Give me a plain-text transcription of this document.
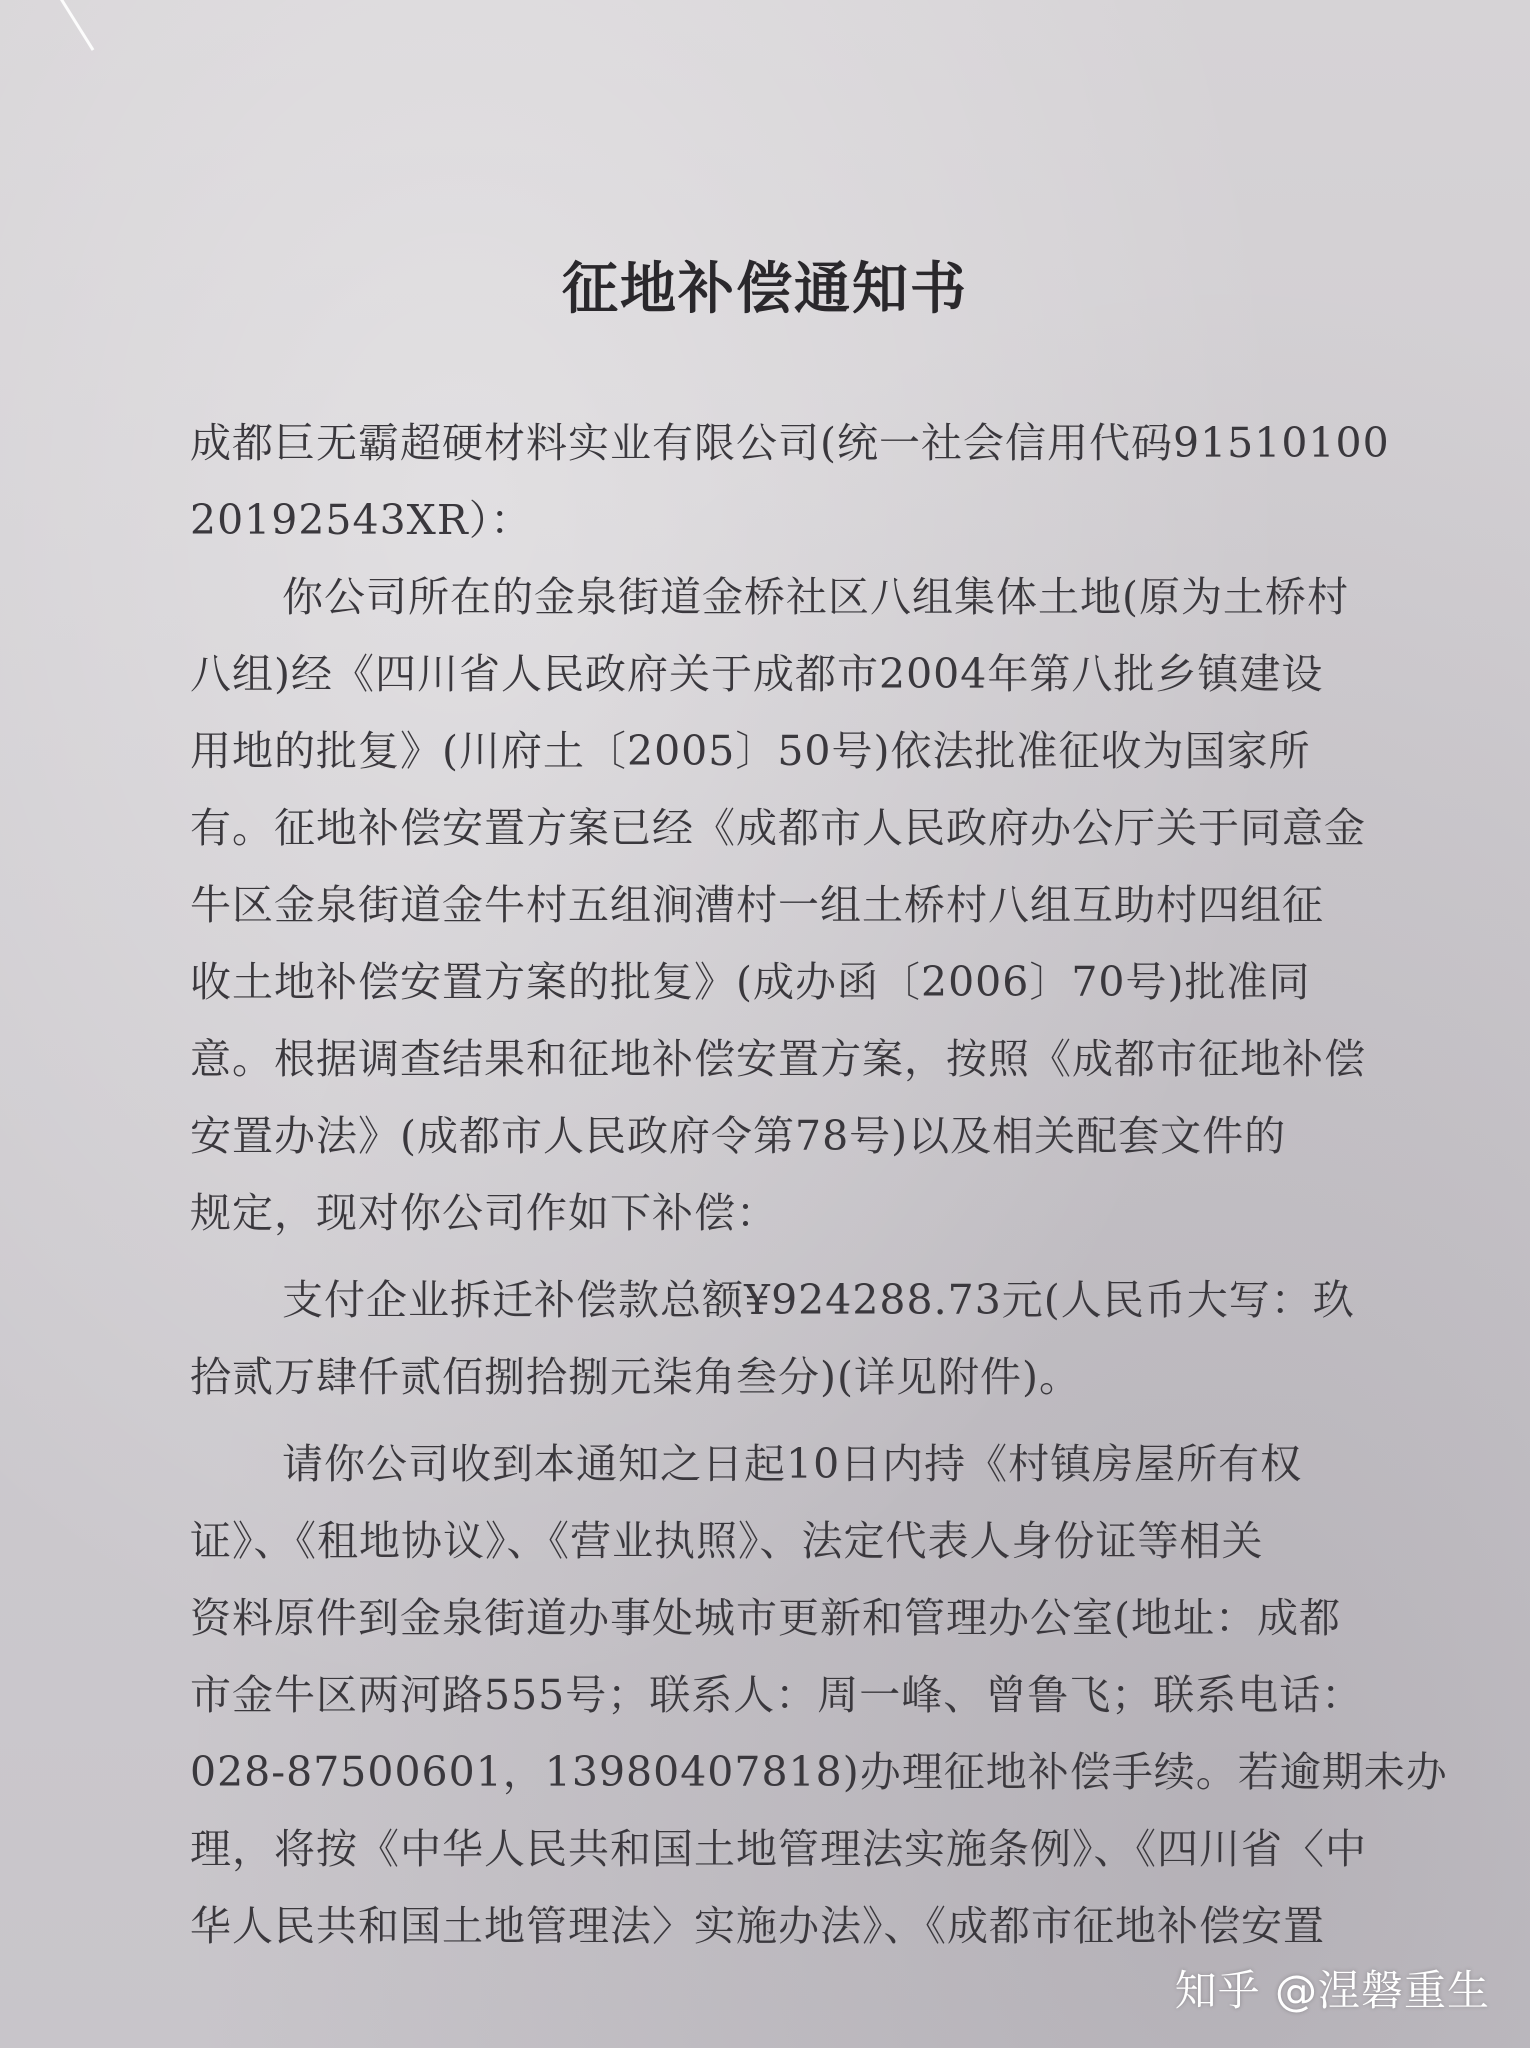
征地补偿通知书
成都巨无霸超硬材料实业有限公司(统一社会信用代码91510100
20192543XR）：
你公司所在的金泉街道金桥社区八组集体土地(原为土桥村
八组)经《四川省人民政府关于成都市2004年第八批乡镇建设
用地的批复》(川府土〔2005〕50号)依法批准征收为国家所
有。征地补偿安置方案已经《成都市人民政府办公厅关于同意金
牛区金泉街道金牛村五组涧漕村一组土桥村八组互助村四组征
收土地补偿安置方案的批复》(成办函〔2006〕70号)批准同
意。根据调查结果和征地补偿安置方案，按照《成都市征地补偿
安置办法》(成都市人民政府令第78号)以及相关配套文件的
规定，现对你公司作如下补偿：
支付企业拆迁补偿款总额¥924288.73元(人民币大写：玖
拾贰万肆仟贰佰捌拾捌元柒角叁分)(详见附件)。
请你公司收到本通知之日起10日内持《村镇房屋所有权
证》、《租地协议》、《营业执照》、法定代表人身份证等相关
资料原件到金泉街道办事处城市更新和管理办公室(地址：成都
市金牛区两河路555号；联系人：周一峰、曾鲁飞；联系电话：
028-87500601，13980407818)办理征地补偿手续。若逾期未办
理，将按《中华人民共和国土地管理法实施条例》、《四川省〈中
华人民共和国土地管理法〉实施办法》、《成都市征地补偿安置
知乎 @涅磐重生
